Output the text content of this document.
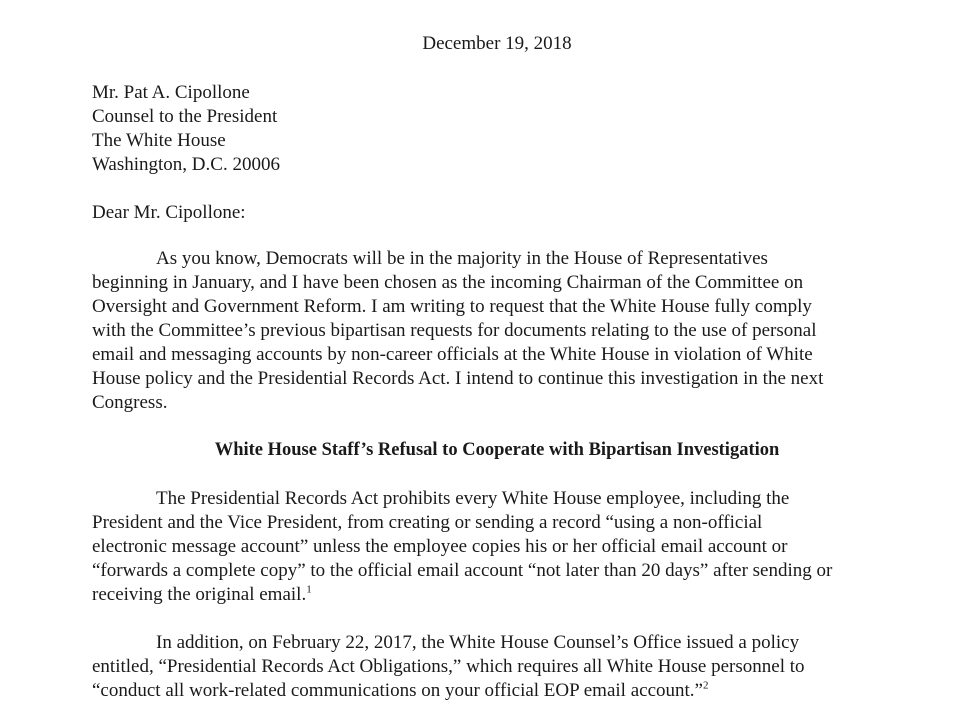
December 19, 2018
Mr. Pat A. Cipollone
Counsel to the President
The White House
Washington, D.C. 20006
Dear Mr. Cipollone:
As you know, Democrats will be in the majority in the House of Representatives
beginning in January, and I have been chosen as the incoming Chairman of the Committee on
Oversight and Government Reform. I am writing to request that the White House fully comply
with the Committee’s previous bipartisan requests for documents relating to the use of personal
email and messaging accounts by non-career officials at the White House in violation of White
House policy and the Presidential Records Act. I intend to continue this investigation in the next
Congress.
White House Staff’s Refusal to Cooperate with Bipartisan Investigation
The Presidential Records Act prohibits every White House employee, including the
President and the Vice President, from creating or sending a record “using a non-official
electronic message account” unless the employee copies his or her official email account or
“forwards a complete copy” to the official email account “not later than 20 days” after sending or
receiving the original email.$^1$
In addition, on February 22, 2017, the White House Counsel’s Office issued a policy
entitled, “Presidential Records Act Obligations,” which requires all White House personnel to
“conduct all work-related communications on your official EOP email account.”$^2$
